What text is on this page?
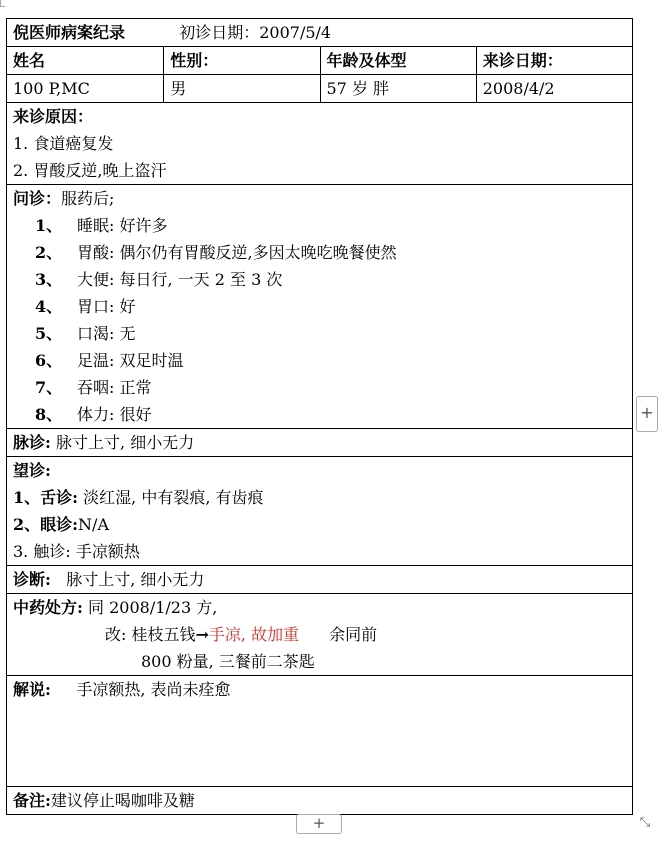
倪医师病案纪录	初诊日期：2007/5/4
姓名	性别：	年龄及体型	来诊日期：
100 P,MC	男	57 岁 胖	2008/4/2
来诊原因：
1. 食道癌复发
2. 胃酸反逆,晚上盗汗
问诊：服药后;
1、 睡眠: 好许多
2、 胃酸: 偶尔仍有胃酸反逆,多因太晚吃晚餐使然
3、 大便: 每日行, 一天 2 至 3 次
4、 胃口: 好
5、 口渴: 无
6、 足温: 双足时温
7、 吞咽: 正常
8、 体力: 很好
脉诊: 脉寸上寸, 细小无力
望诊:
1、舌诊: 淡红湿, 中有裂痕, 有齿痕
2、眼诊:N/A
3. 触诊: 手凉额热
诊断: 脉寸上寸, 细小无力
中药处方: 同 2008/1/23 方,
改: 桂枝五钱→手凉, 故加重 余同前
800 粉量, 三餐前二茶匙
解说: 手凉额热, 表尚未痊愈
备注:建议停止喝咖啡及糖
+
+	⤡
